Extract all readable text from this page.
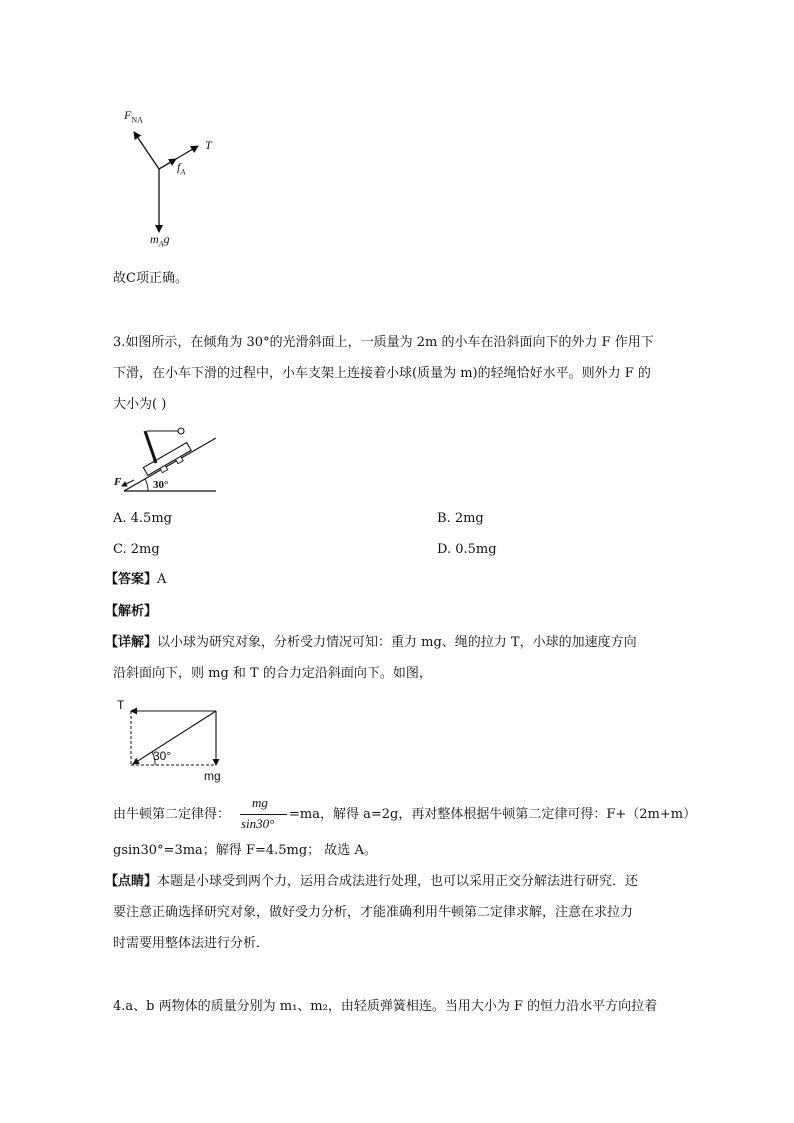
$F_{NA}$
T
$f_A$
$m_Ag$
故C项正确。
3.如图所示，在倾角为 30°的光滑斜面上，一质量为 2m 的小车在沿斜面向下的外力 F 作用下
下滑，在小车下滑的过程中，小车支架上连接着小球(质量为 m)的轻绳恰好水平。则外力 F 的
大小为( )
F	30°
A. 4.5mg	B. 2mg
C. 2mg	D. 0.5mg
【答案】A
【解析】
【详解】以小球为研究对象，分析受力情况可知：重力 mg、绳的拉力 T，小球的加速度方向
沿斜面向下，则 mg 和 T 的合力定沿斜面向下。如图，
T
30°
mg
由牛顿第二定律得：
mg
sin30°
=ma，解得 a=2g，再对整体根据牛顿第二定律可得：F+（2m+m）
gsin30°=3ma；解得 F=4.5mg； 故选 A。
【点睛】本题是小球受到两个力，运用合成法进行处理，也可以采用正交分解法进行研究．还
要注意正确选择研究对象，做好受力分析，才能准确利用牛顿第二定律求解，注意在求拉力
时需要用整体法进行分析．
4.a、b 两物体的质量分别为 m₁、m₂，由轻质弹簧相连。当用大小为 F 的恒力沿水平方向拉着
